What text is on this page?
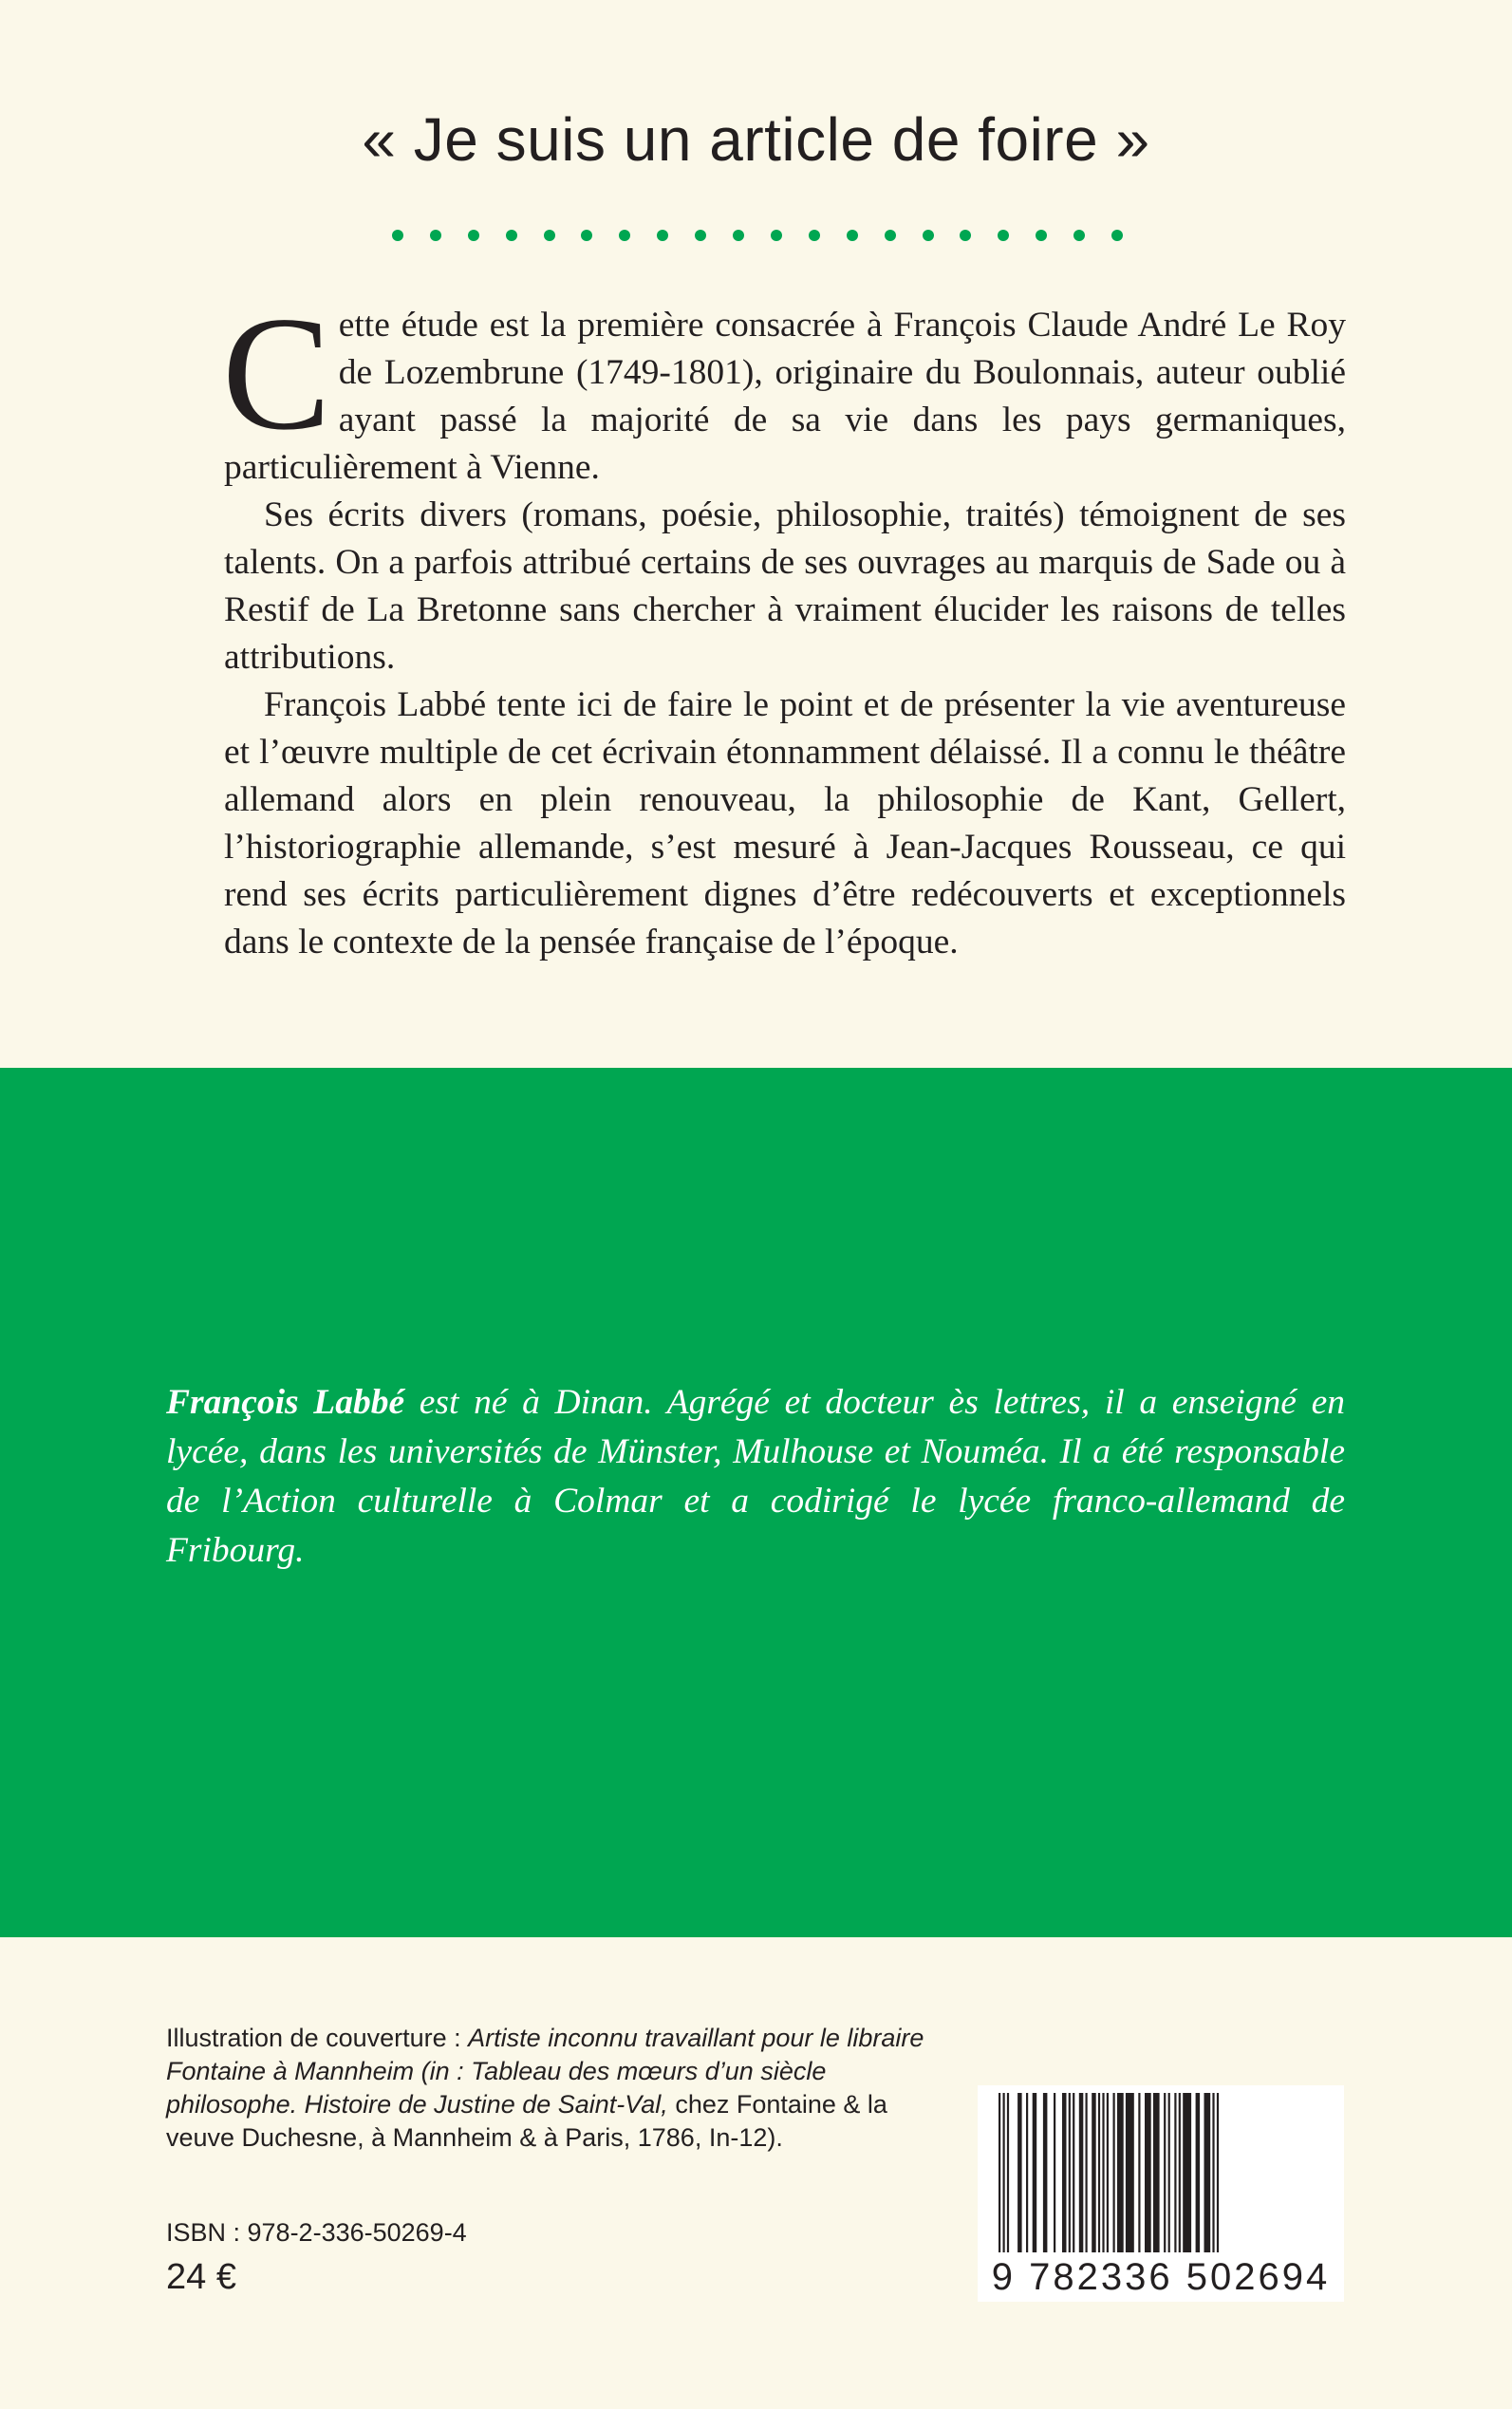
« Je suis un article de foire »

Cette étude est la première consacrée à François Claude André Le Roy de Lozembrune (1749-1801), originaire du Boulonnais, auteur oublié ayant passé la majorité de sa vie dans les pays germaniques, particulièrement à Vienne.

Ses écrits divers (romans, poésie, philosophie, traités) témoignent de ses talents. On a parfois attribué certains de ses ouvrages au marquis de Sade ou à Restif de La Bretonne sans chercher à vraiment élucider les raisons de telles attributions.

François Labbé tente ici de faire le point et de présenter la vie aventureuse et l’œuvre multiple de cet écrivain étonnamment délaissé. Il a connu le théâtre allemand alors en plein renouveau, la philosophie de Kant, Gellert, l’historiographie allemande, s’est mesuré à Jean-Jacques Rousseau, ce qui rend ses écrits particulièrement dignes d’être redécouverts et exceptionnels dans le contexte de la pensée française de l’époque.

François Labbé est né à Dinan. Agrégé et docteur ès lettres, il a enseigné en lycée, dans les universités de Münster, Mulhouse et Nouméa. Il a été responsable de l’Action culturelle à Colmar et a codirigé le lycée franco-allemand de Fribourg.
Illustration de couverture : Artiste inconnu travaillant pour le libraire Fontaine à Mannheim (in : Tableau des mœurs d’un siècle philosophe. Histoire de Justine de Saint-Val, chez Fontaine & la veuve Duchesne, à Mannheim & à Paris, 1786, In-12).
ISBN : 978-2-336-50269-4
24 €	9 782336 502694
